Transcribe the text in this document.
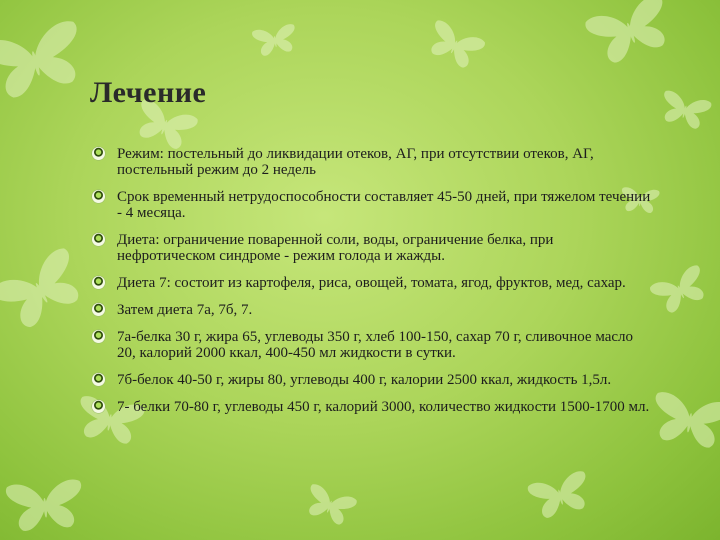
Лечение
Режим: постельный до ликвидации отеков, АГ, при отсутствии отеков, АГ, постельный режим до 2 недель
Срок временный нетрудоспособности составляет 45-50 дней, при тяжелом течении - 4 месяца.
Диета: ограничение поваренной соли, воды, ограничение белка, при нефротическом синдроме - режим голода и жажды.
Диета 7: состоит из картофеля, риса, овощей, томата, ягод, фруктов, мед, сахар.
Затем диета 7а, 7б, 7.
7а-белка 30 г, жира 65, углеводы 350 г, хлеб 100-150, сахар 70 г, сливочное масло 20, калорий 2000 ккал, 400-450 мл жидкости в сутки.
7б-белок 40-50 г, жиры 80, углеводы 400 г, калории 2500 ккал, жидкость 1,5л.
7- белки 70-80 г, углеводы 450 г, калорий 3000, количество жидкости 1500-1700 мл.
